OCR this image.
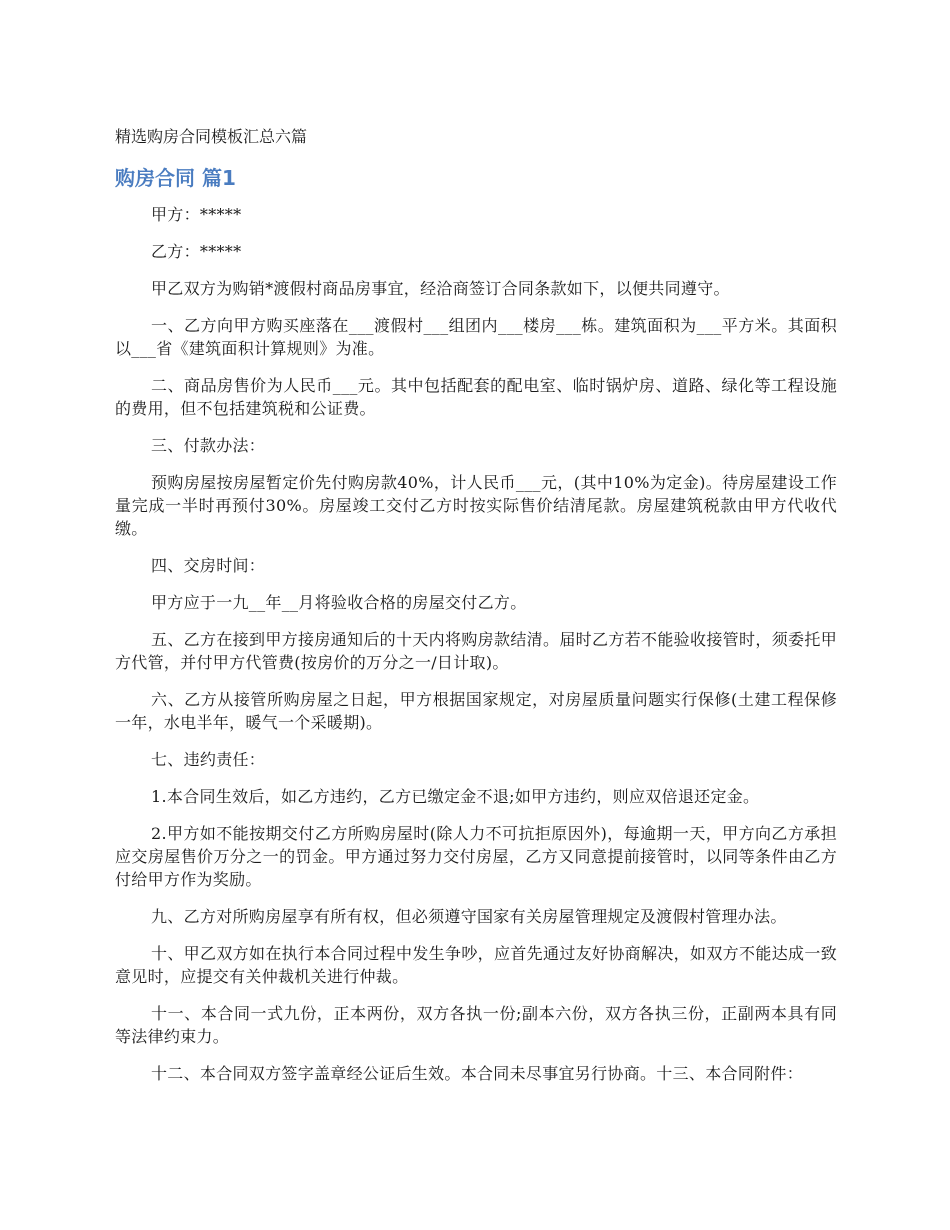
精选购房合同模板汇总六篇
购房合同 篇1

甲方：*****

乙方：*****

甲乙双方为购销*渡假村商品房事宜，经洽商签订合同条款如下，以便共同遵守。

一、乙方向甲方购买座落在___渡假村___组团内___楼房___栋。建筑面积为___平方米。其面积以___省《建筑面积计算规则》为准。

二、商品房售价为人民币___元。其中包括配套的配电室、临时锅炉房、道路、绿化等工程设施的费用，但不包括建筑税和公证费。

三、付款办法：

预购房屋按房屋暂定价先付购房款40%，计人民币___元，(其中10%为定金)。待房屋建设工作量完成一半时再预付30%。房屋竣工交付乙方时按实际售价结清尾款。房屋建筑税款由甲方代收代缴。

四、交房时间：

甲方应于一九__年__月将验收合格的房屋交付乙方。

五、乙方在接到甲方接房通知后的十天内将购房款结清。届时乙方若不能验收接管时，须委托甲方代管，并付甲方代管费(按房价的万分之一/日计取)。

六、乙方从接管所购房屋之日起，甲方根据国家规定，对房屋质量问题实行保修(土建工程保修一年，水电半年，暖气一个采暖期)。

七、违约责任：

1.本合同生效后，如乙方违约，乙方已缴定金不退;如甲方违约，则应双倍退还定金。

2.甲方如不能按期交付乙方所购房屋时(除人力不可抗拒原因外)，每逾期一天，甲方向乙方承担应交房屋售价万分之一的罚金。甲方通过努力交付房屋，乙方又同意提前接管时，以同等条件由乙方付给甲方作为奖励。

九、乙方对所购房屋享有所有权，但必须遵守国家有关房屋管理规定及渡假村管理办法。

十、甲乙双方如在执行本合同过程中发生争吵，应首先通过友好协商解决，如双方不能达成一致意见时，应提交有关仲裁机关进行仲裁。

十一、本合同一式九份，正本两份，双方各执一份;副本六份，双方各执三份，正副两本具有同等法律约束力。

十二、本合同双方签字盖章经公证后生效。本合同未尽事宜另行协商。十三、本合同附件：
